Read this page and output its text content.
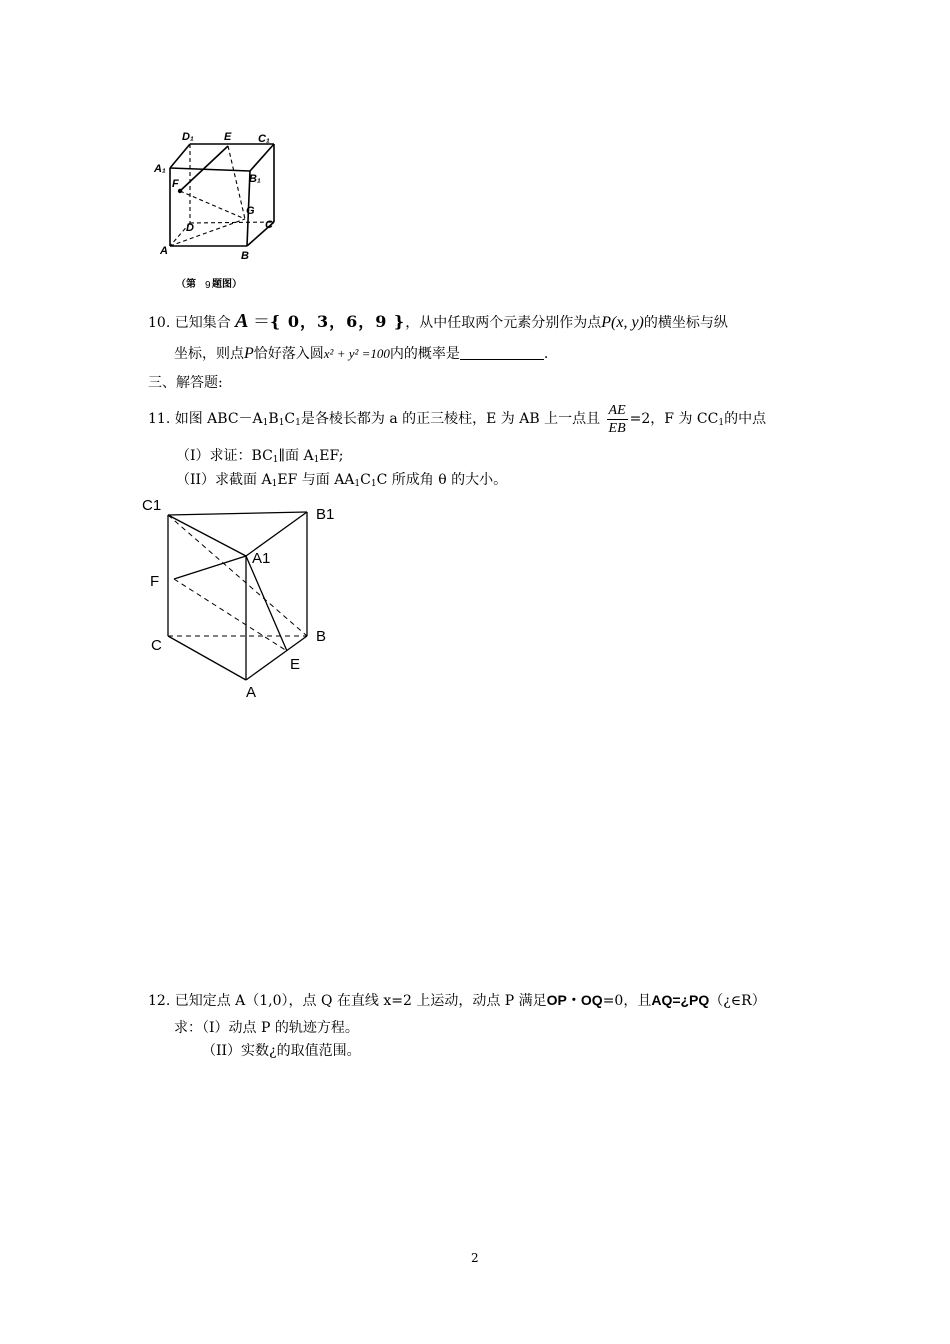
D₁	E C₁
A₁
B₁
F
G
C
D
A	B
（第 9 题图）
10. 已知集合 A ＝{ 0，3，6，9 }，从中任取两个元素分别作为点P(x, y)的横坐标与纵
坐标，则点P恰好落入圆x² + y² =100内的概率是	.
三、解答题:
11. 如图 $ABC-A_1B_1C_1$是各棱长都为 a 的正三棱柱，E 为 AB 上一点且 $\frac{AE}{EB} =2$，F 为 $CC_1$的中点
（I）求证：$BC_1\parallel$面 $A_1EF$;
（II）求截面 $A_1EF$ 与面 $AA_1C_1C$ 所成角 θ 的大小。
C1
B1
A1
F
B
C
E
A
12. 已知定点 A（1,0），点 Q 在直线 x=2 上运动，动点 P 满足OP・OQ=0，且AQ=¿PQ（¿∈R）
求：（I）动点 P 的轨迹方程。
（II）实数¿的取值范围。
2
